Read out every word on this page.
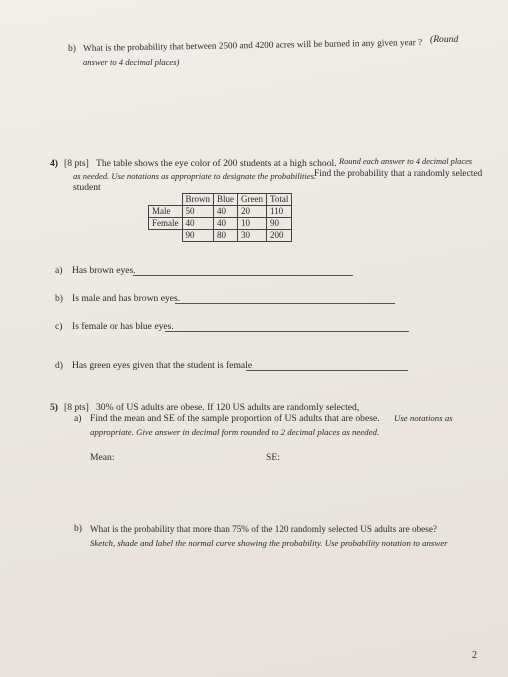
b) What is the probability that between 2500 and 4200 acres will be burned in any given year ? (Round
answer to 4 decimal places)
4) [8 pts] The table shows the eye color of 200 students at a high school. Round each answer to 4 decimal places
as needed. Use notations as appropriate to designate the probabilities.
Find the probability that a randomly selected
student
	Brown	Blue	Green	Total
Male	50	40	20	110
Female	40	40	10	90
	90	80	30	200
a) Has brown eyes.
b) Is male and has brown eyes.
c) Is female or has blue eyes.
d) Has green eyes given that the student is female
5) [8 pts] 30% of US adults are obese. If 120 US adults are randomly selected,
a) Find the mean and SE of the sample proportion of US adults that are obese. Use notations as
appropriate. Give answer in decimal form rounded to 2 decimal places as needed.
Mean:	SE:
b) What is the probability that more than 75% of the 120 randomly selected US adults are obese?
Sketch, shade and label the normal curve showing the probability. Use probability notation to answer
2
